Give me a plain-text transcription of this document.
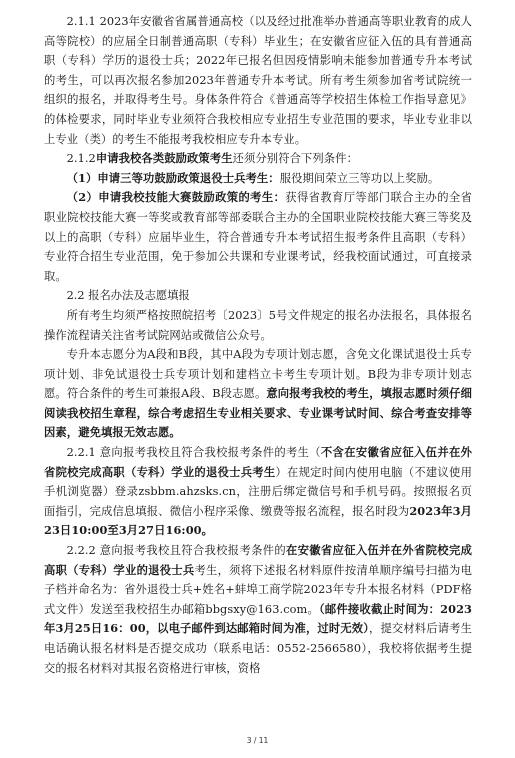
2.1.1 2023年安徽省省属普通高校（以及经过批准举办普通高等职业教育的成人高等院校）的应届全日制普通高职（专科）毕业生；在安徽省应征入伍的具有普通高职（专科）学历的退役士兵；2022年已报名但因疫情影响未能参加普通专升本考试的考生，可以再次报名参加2023年普通专升本考试。所有考生须参加省考试院统一组织的报名，并取得考生号。身体条件符合《普通高等学校招生体检工作指导意见》的体检要求，同时毕业专业须符合我校相应专业招生专业范围的要求，毕业专业非以上专业（类）的考生不能报考我校相应专升本专业。

2.1.2申请我校各类鼓励政策考生还须分别符合下列条件：

（1）申请三等功鼓励政策退役士兵考生：服役期间荣立三等功以上奖励。

（2）申请我校技能大赛鼓励政策的考生：获得省教育厅等部门联合主办的全省职业院校技能大赛一等奖或教育部等部委联合主办的全国职业院校技能大赛三等奖及以上的高职（专科）应届毕业生，符合普通专升本考试招生报考条件且高职（专科）专业符合招生专业范围，免于参加公共课和专业课考试，经我校面试通过，可直接录取。

2.2 报名办法及志愿填报

所有考生均须严格按照皖招考〔2023〕5号文件规定的报名办法报名，具体报名操作流程请关注省考试院网站或微信公众号。

专升本志愿分为A段和B段，其中A段为专项计划志愿，含免文化课试退役士兵专项计划、非免试退役士兵专项计划和建档立卡考生专项计划。B段为非专项计划志愿。符合条件的考生可兼报A段、B段志愿。意向报考我校的考生，填报志愿时须仔细阅读我校招生章程，综合考虑招生专业相关要求、专业课考试时间、综合考查安排等因素，避免填报无效志愿。

2.2.1 意向报考我校且符合我校报考条件的考生（不含在安徽省应征入伍并在外省院校完成高职（专科）学业的退役士兵考生）在规定时间内使用电脑（不建议使用手机浏览器）登录zsbbm.ahzsks.cn，注册后绑定微信号和手机号码。按照报名页面指引，完成信息填报、微信小程序采像、缴费等报名流程，报名时段为2023年3月23日10:00至3月27日16:00。

2.2.2 意向报考我校且符合我校报考条件的在安徽省应征入伍并在外省院校完成高职（专科）学业的退役士兵考生，须将下述报名材料原件按清单顺序编号扫描为电子档并命名为：省外退役士兵+姓名+蚌埠工商学院2023年专升本报名材料（PDF格式文件）发送至我校招生办邮箱bbgsxy@163.com。（邮件接收截止时间为：2023年3月25日16：00，以电子邮件到达邮箱时间为准，过时无效），提交材料后请考生电话确认报名材料是否提交成功（联系电话：0552-2566580），我校将依据考生提交的报名材料对其报名资格进行审核，资格

3 / 11
